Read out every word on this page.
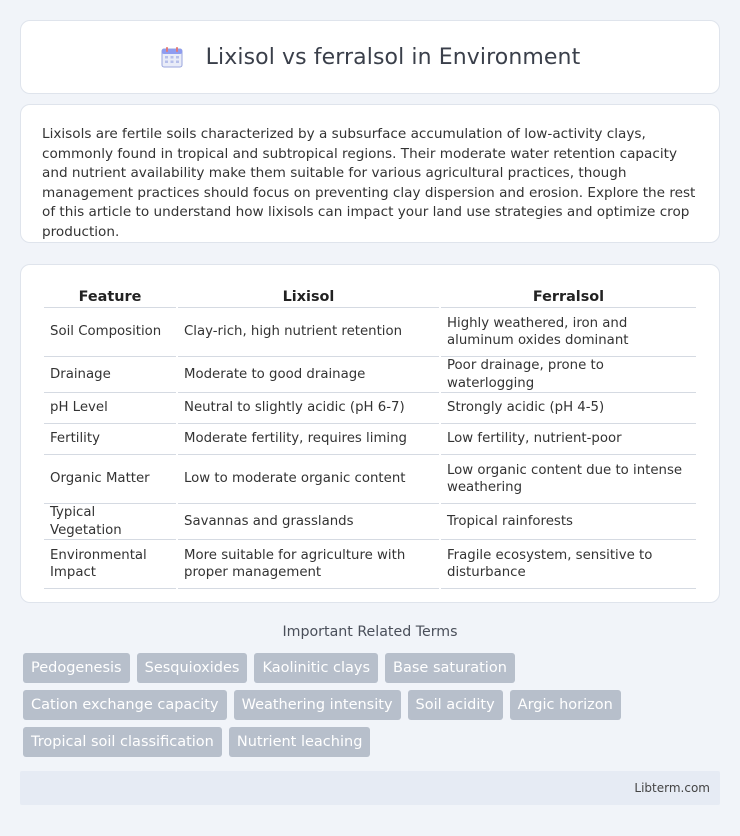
Lixisol vs ferralsol in Environment

Lixisols are fertile soils characterized by a subsurface accumulation of low-activity clays, commonly found in tropical and subtropical regions. Their moderate water retention capacity and nutrient availability make them suitable for various agricultural practices, though management practices should focus on preventing clay dispersion and erosion. Explore the rest of this article to understand how lixisols can impact your land use strategies and optimize crop production.

Feature	Lixisol	Ferralsol
Soil Composition	Clay-rich, high nutrient retention	Highly weathered, iron and aluminum oxides dominant
Drainage	Moderate to good drainage	Poor drainage, prone to waterlogging
pH Level	Neutral to slightly acidic (pH 6-7)	Strongly acidic (pH 4-5)
Fertility	Moderate fertility, requires liming	Low fertility, nutrient-poor
Organic Matter	Low to moderate organic content	Low organic content due to intense weathering
Typical Vegetation	Savannas and grasslands	Tropical rainforests
Environmental Impact	More suitable for agriculture with proper management	Fragile ecosystem, sensitive to disturbance
Important Related Terms
Pedogenesis	Sesquioxides	Kaolinitic clays	Base saturation
Cation exchange capacity	Weathering intensity	Soil acidity	Argic horizon
Tropical soil classification	Nutrient leaching
Libterm.com
